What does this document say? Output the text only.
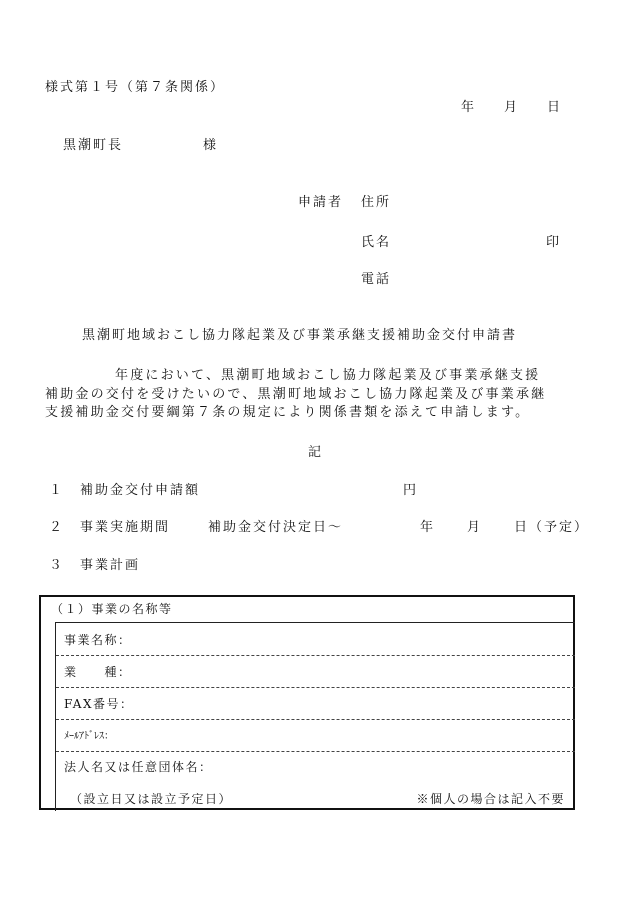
様式第１号（第７条関係）
年 月 日
黒潮町長	様
申請者 住所
氏名	印
電話
黒潮町地域おこし協力隊起業及び事業承継支援補助金交付申請書
年度において、黒潮町地域おこし協力隊起業及び事業承継支援
補助金の交付を受けたいので、黒潮町地域おこし協力隊起業及び事業承継
支援補助金交付要綱第７条の規定により関係書類を添えて申請します。
記
１ 補助金交付申請額	円
２ 事業実施期間	補助金交付決定日～	年 月 日（予定）
３ 事業計画
（１）事業の名称等
事業名称：
業　　種：
FAX番号：
ﾒｰﾙｱﾄﾞﾚｽ：
法人名又は任意団体名：
（設立日又は設立予定日）	※個人の場合は記入不要
